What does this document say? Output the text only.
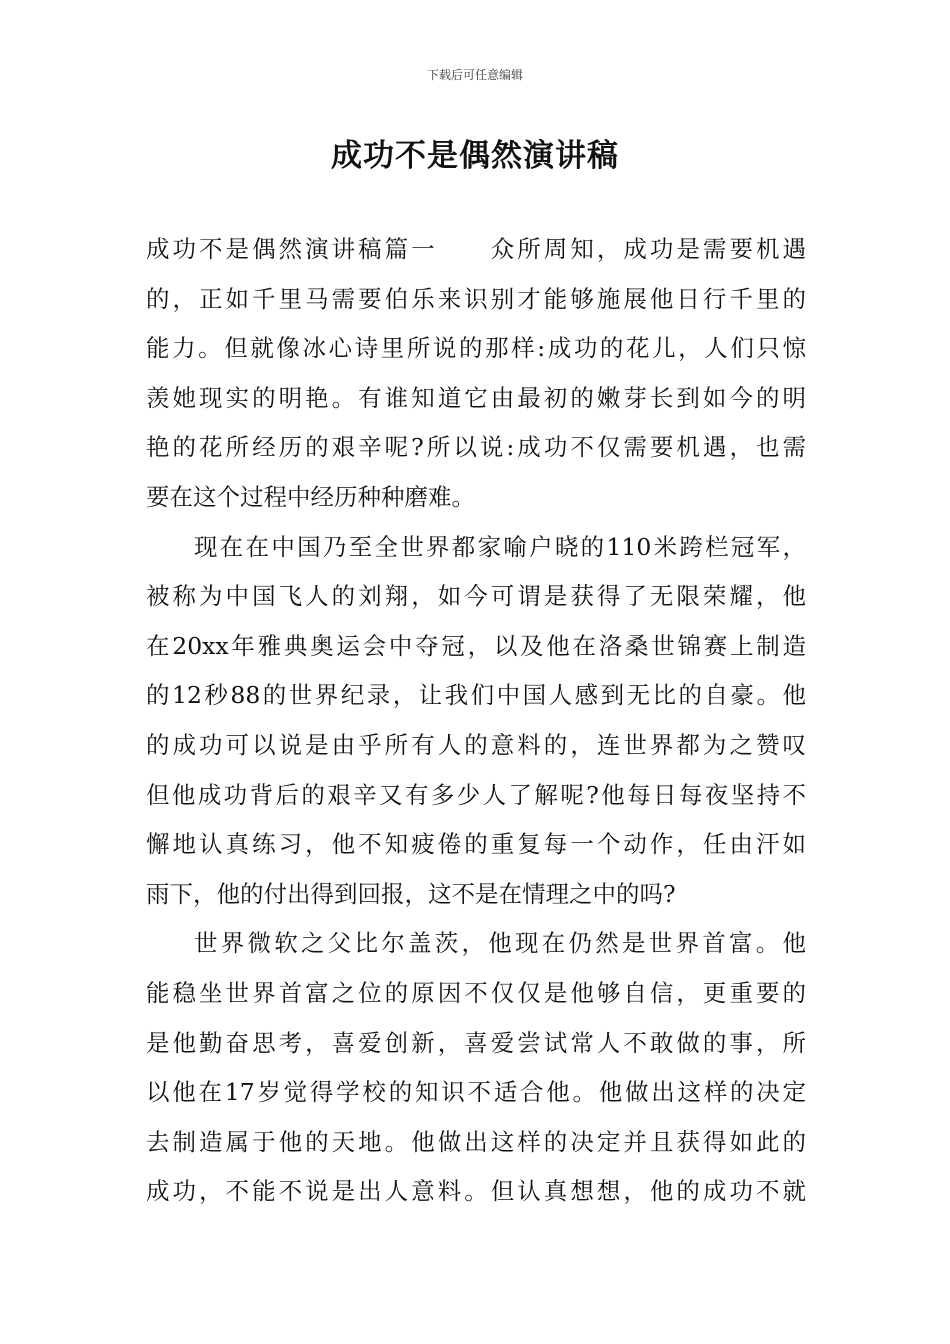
下载后可任意编辑
成功不是偶然演讲稿
成功不是偶然演讲稿篇一　　众所周知，成功是需要机遇
的，正如千里马需要伯乐来识别才能够施展他日行千里的
能力。但就像冰心诗里所说的那样:成功的花儿，人们只惊
羡她现实的明艳。有谁知道它由最初的嫩芽长到如今的明
艳的花所经历的艰辛呢?所以说:成功不仅需要机遇，也需
要在这个过程中经历种种磨难。
现在在中国乃至全世界都家喻户晓的110米跨栏冠军，
被称为中国飞人的刘翔，如今可谓是获得了无限荣耀，他
在20xx年雅典奥运会中夺冠，以及他在洛桑世锦赛上制造
的12秒88的世界纪录，让我们中国人感到无比的自豪。他
的成功可以说是由乎所有人的意料的，连世界都为之赞叹
但他成功背后的艰辛又有多少人了解呢?他每日每夜坚持不
懈地认真练习，他不知疲倦的重复每一个动作，任由汗如
雨下，他的付出得到回报，这不是在情理之中的吗?
世界微软之父比尔盖茨，他现在仍然是世界首富。他
能稳坐世界首富之位的原因不仅仅是他够自信，更重要的
是他勤奋思考，喜爱创新，喜爱尝试常人不敢做的事，所
以他在17岁觉得学校的知识不适合他。他做出这样的决定
去制造属于他的天地。他做出这样的决定并且获得如此的
成功，不能不说是出人意料。但认真想想，他的成功不就
